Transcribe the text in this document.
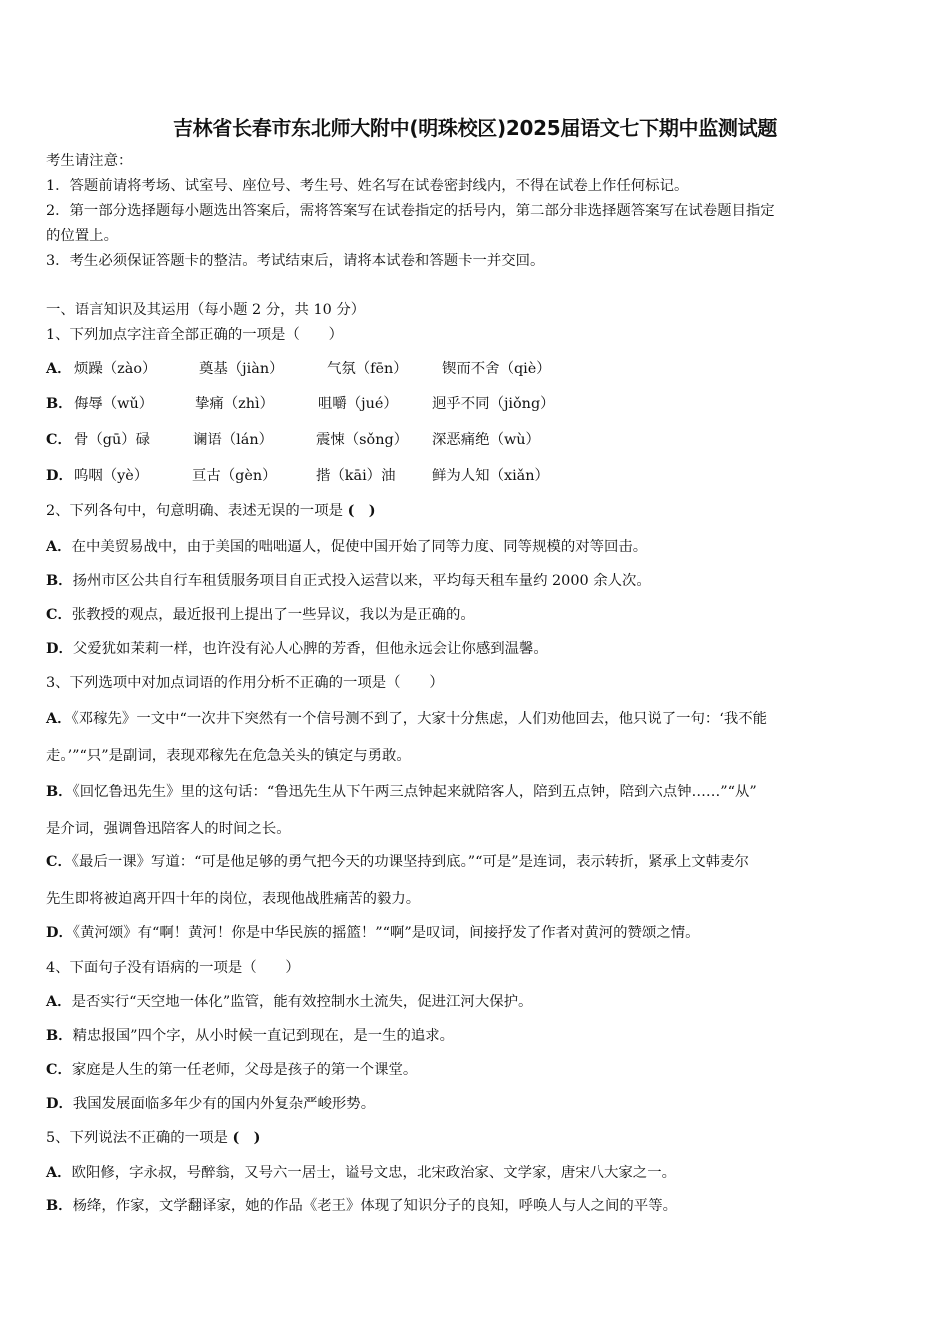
吉林省长春市东北师大附中(明珠校区)2025届语文七下期中监测试题
考生请注意：
1．答题前请将考场、试室号、座位号、考生号、姓名写在试卷密封线内，不得在试卷上作任何标记。
2．第一部分选择题每小题选出答案后，需将答案写在试卷指定的括号内，第二部分非选择题答案写在试卷题目指定
的位置上。
3．考生必须保证答题卡的整洁。考试结束后，请将本试卷和答题卡一并交回。
一、语言知识及其运用（每小题 2 分，共 10 分）
1、下列加点字注音全部正确的一项是（　　）
A． 烦躁（zào）	奠基（jiàn）	气氛（fēn） 锲而不舍（qiè）
B． 侮辱（wǔ）	挚痛（zhì）	咀嚼（jué） 迥乎不同（jiǒng）
C． 骨（gū）碌	谰语（lán）	震悚（sǒng） 深恶痛绝（wù）
D． 呜咽（yè）	亘古（gèn）	揩（kāi）油	鲜为人知（xiǎn）
2、下列各句中，句意明确、表述无误的一项是 (　)
A．在中美贸易战中，由于美国的咄咄逼人，促使中国开始了同等力度、同等规模的对等回击。
B．扬州市区公共自行车租赁服务项目自正式投入运营以来，平均每天租车量约 2000 余人次。
C．张教授的观点，最近报刊上提出了一些异议，我以为是正确的。
D．父爱犹如茉莉一样，也许没有沁人心脾的芳香，但他永远会让你感到温馨。
3、下列选项中对加点词语的作用分析不正确的一项是（　　）
A．《邓稼先》一文中“一次井下突然有一个信号测不到了，大家十分焦虑，人们劝他回去，他只说了一句：‘我不能
走。’”“只”是副词，表现邓稼先在危急关头的镇定与勇敢。
B．《回忆鲁迅先生》里的这句话：“鲁迅先生从下午两三点钟起来就陪客人，陪到五点钟，陪到六点钟……”“从”
是介词，强调鲁迅陪客人的时间之长。
C．《最后一课》写道：“可是他足够的勇气把今天的功课坚持到底。”“可是”是连词，表示转折，紧承上文韩麦尔
先生即将被迫离开四十年的岗位，表现他战胜痛苦的毅力。
D．《黄河颂》有“啊！黄河！你是中华民族的摇篮！”“啊”是叹词，间接抒发了作者对黄河的赞颂之情。
4、下面句子没有语病的一项是（　　）
A．是否实行“天空地一体化”监管，能有效控制水土流失，促进江河大保护。
B．精忠报国”四个字，从小时候一直记到现在，是一生的追求。
C．家庭是人生的第一任老师，父母是孩子的第一个课堂。
D．我国发展面临多年少有的国内外复杂严峻形势。
5、下列说法不正确的一项是 (　)
A．欧阳修，字永叔，号醉翁，又号六一居士，谥号文忠，北宋政治家、文学家，唐宋八大家之一。
B．杨绛，作家，文学翻译家，她的作品《老王》体现了知识分子的良知，呼唤人与人之间的平等。
